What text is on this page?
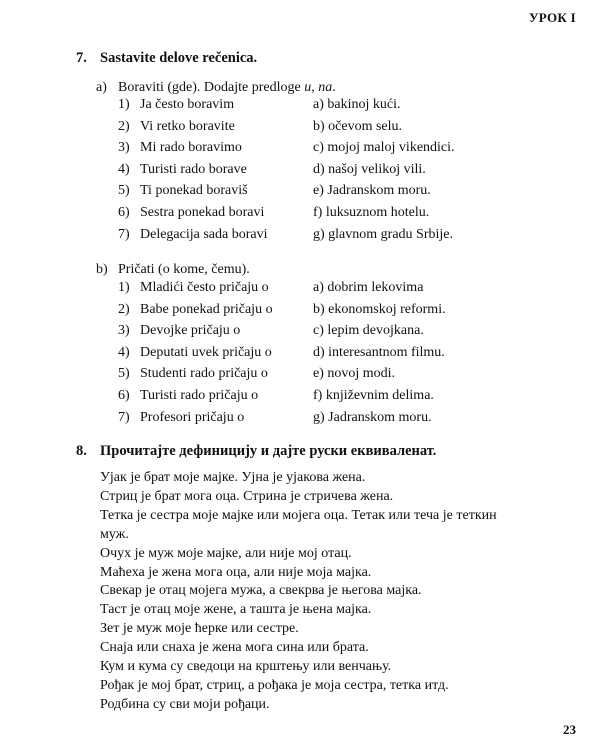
УРОК I
7. Sastavite delove rečenica.
a) Boraviti (gde). Dodajte predloge u, na.
1) Ja često boravim	a) bakinoj kući.
2) Vi retko boravite	b) očevom selu.
3) Mi rado boravimo	c) mojoj maloj vikendici.
4) Turisti rado borave	d) našoj velikoj vili.
5) Ti ponekad boraviš	e) Jadranskom moru.
6) Sestra ponekad boravi	f) luksuznom hotelu.
7) Delegacija sada boravi	g) glavnom gradu Srbije.
b) Pričati (o kome, čemu).
1) Mladići često pričaju o	a) dobrim lekovima
2) Babe ponekad pričaju o	b) ekonomskoj reformi.
3) Devojke pričaju o	c) lepim devojkana.
4) Deputati uvek pričaju o	d) interesantnom filmu.
5) Studenti rado pričaju o	e) novoj modi.
6) Turisti rado pričaju o	f) književnim delima.
7) Profesori pričaju o	g) Jadranskom moru.
8. Прочитајте дефиницију и дајте руски еквиваленат.
Ујак је брат моје мајке. Ујна је ујакова жена.
Стриц је брат мога оца. Стрина је стричева жена.
Тетка је сестра моје мајке или мојега оца. Тетак или теча је теткин
муж.
Очух је муж моје мајке, али није мој отац.
Маћеха је жена мога оца, али није моја мајка.
Свекар је отац мојега мужа, а свекрва је његова мајка.
Таст је отац моје жене, а ташта је њена мајка.
Зет је муж моје ћерке или сестре.
Снаја или снаха је жена мога сина или брата.
Кум и кума су сведоци на крштењу или венчању.
Рођак је мој брат, стриц, а рођака је моја сестра, тетка итд.
Родбина су сви моји рођаци.
23
